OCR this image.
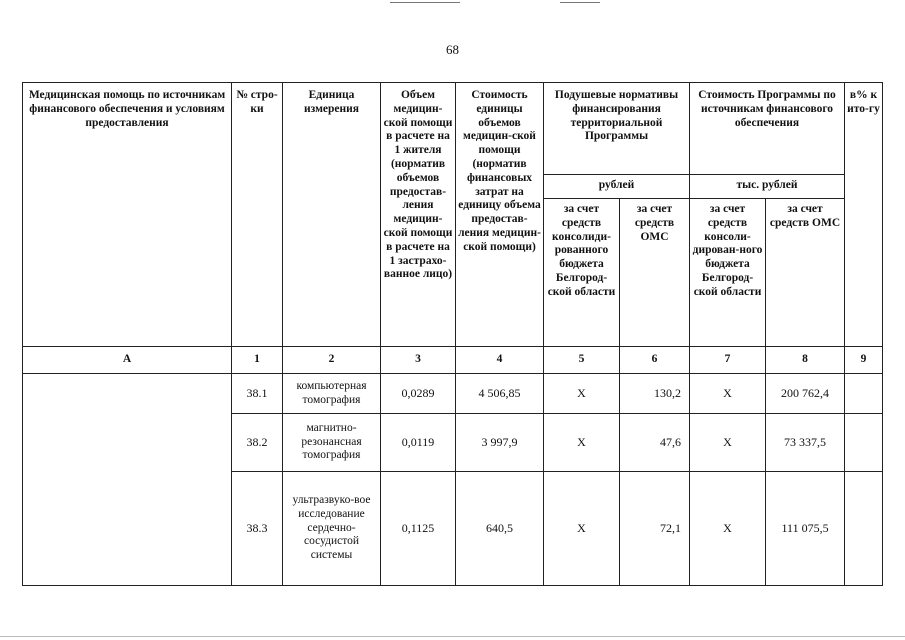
68
Медицинская помощь по источникам финансового обеспечения и условиям предоставления	№ стро-ки	Единица измерения	Объем медицин-ской помощи в расчете на 1 жителя (норматив объемов предостав-ления медицин-ской помощи в расчете на 1 застрахо-ванное лицо)	Стоимость единицы объемов медицин-ской помощи (норматив финансовых затрат на единицу объема предостав-ления медицин-ской помощи)	Подушевые нормативы финансирования территориальной Программы		Стоимость Программы по источникам финансового обеспечения		в% к ито-гу
					рублей		тыс. рублей		
					за счет средств консолиди-рованного бюджета Белгород-ской области	за счет средств ОМС	за счет средств консоли-дирован-ного бюджета Белгород-ской области	за счет средств ОМС	
А	1	2	3	4	5	6	7	8	9
	38.1	компьютерная томография	0,0289	4 506,85	Х	130,2	Х	200 762,4	
	38.2	магнитно-резонансная томография	0,0119	3 997,9	Х	47,6	Х	73 337,5	
	38.3	ультразвуко-вое исследование сердечно-сосудистой системы	0,1125	640,5	Х	72,1	Х	111 075,5	
